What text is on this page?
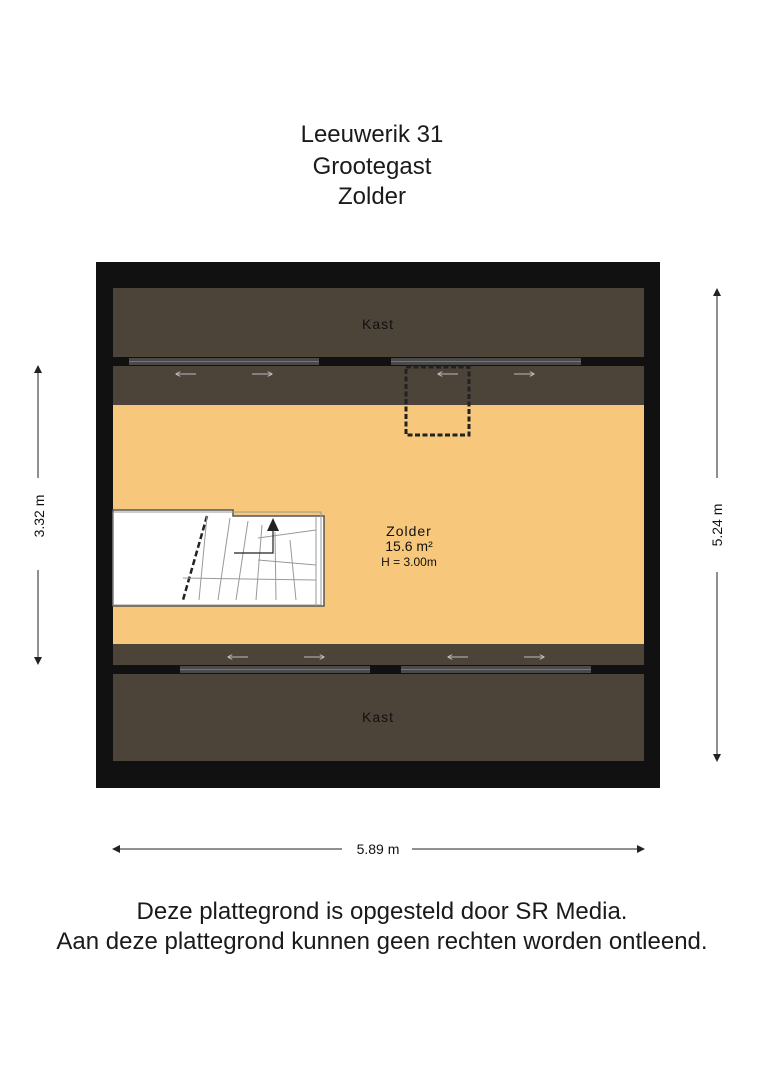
Leeuwerik 31
Grootegast
Zolder
Kast
Zolder
15.6 m²
H = 3.00m
Kast
3.32 m	5.24 m
5.89 m
Deze plattegrond is opgesteld door SR Media.
Aan deze plattegrond kunnen geen rechten worden ontleend.
